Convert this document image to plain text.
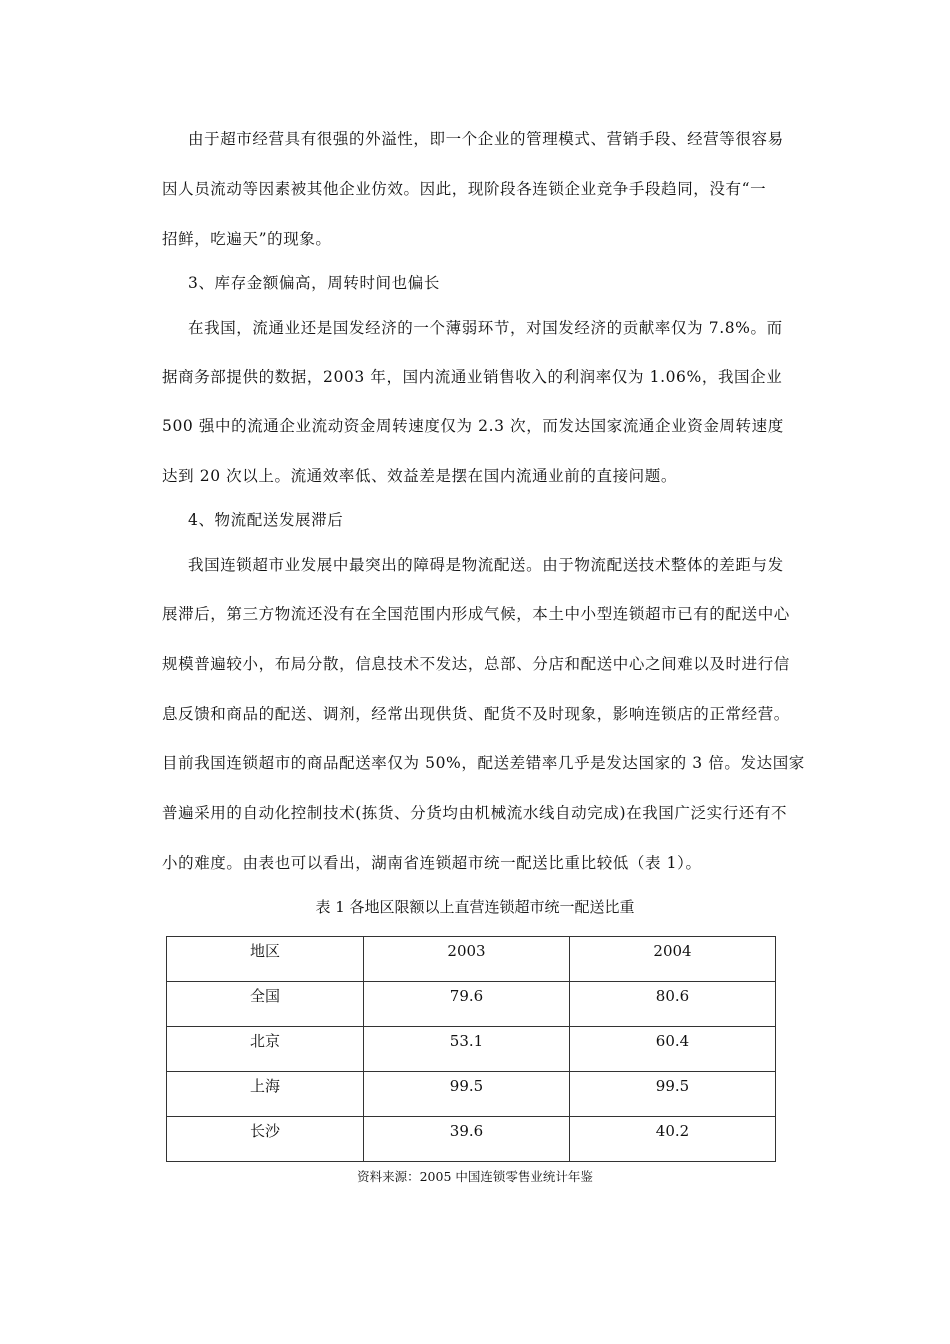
由于超市经营具有很强的外溢性，即一个企业的管理模式、营销手段、经营等很容易
因人员流动等因素被其他企业仿效。因此，现阶段各连锁企业竞争手段趋同，没有“一
招鲜，吃遍天”的现象。
3、库存金额偏高，周转时间也偏长
在我国，流通业还是国发经济的一个薄弱环节，对国发经济的贡献率仅为 7.8%。而
据商务部提供的数据，2003 年，国内流通业销售收入的利润率仅为 1.06%，我国企业
500 强中的流通企业流动资金周转速度仅为 2.3 次，而发达国家流通企业资金周转速度
达到 20 次以上。流通效率低、效益差是摆在国内流通业前的直接问题。
4、物流配送发展滞后
我国连锁超市业发展中最突出的障碍是物流配送。由于物流配送技术整体的差距与发
展滞后，第三方物流还没有在全国范围内形成气候，本土中小型连锁超市已有的配送中心
规模普遍较小，布局分散，信息技术不发达，总部、分店和配送中心之间难以及时进行信
息反馈和商品的配送、调剂，经常出现供货、配货不及时现象，影响连锁店的正常经营。
目前我国连锁超市的商品配送率仅为 50%，配送差错率几乎是发达国家的 3 倍。发达国家
普遍采用的自动化控制技术(拣货、分货均由机械流水线自动完成)在我国广泛实行还有不
小的难度。由表也可以看出，湖南省连锁超市统一配送比重比较低（表 1）。
表 1 各地区限额以上直营连锁超市统一配送比重
地区	2003	2004
全国	79.6	80.6
北京	53.1	60.4
上海	99.5	99.5
长沙	39.6	40.2
资料来源：2005 中国连锁零售业统计年鉴
